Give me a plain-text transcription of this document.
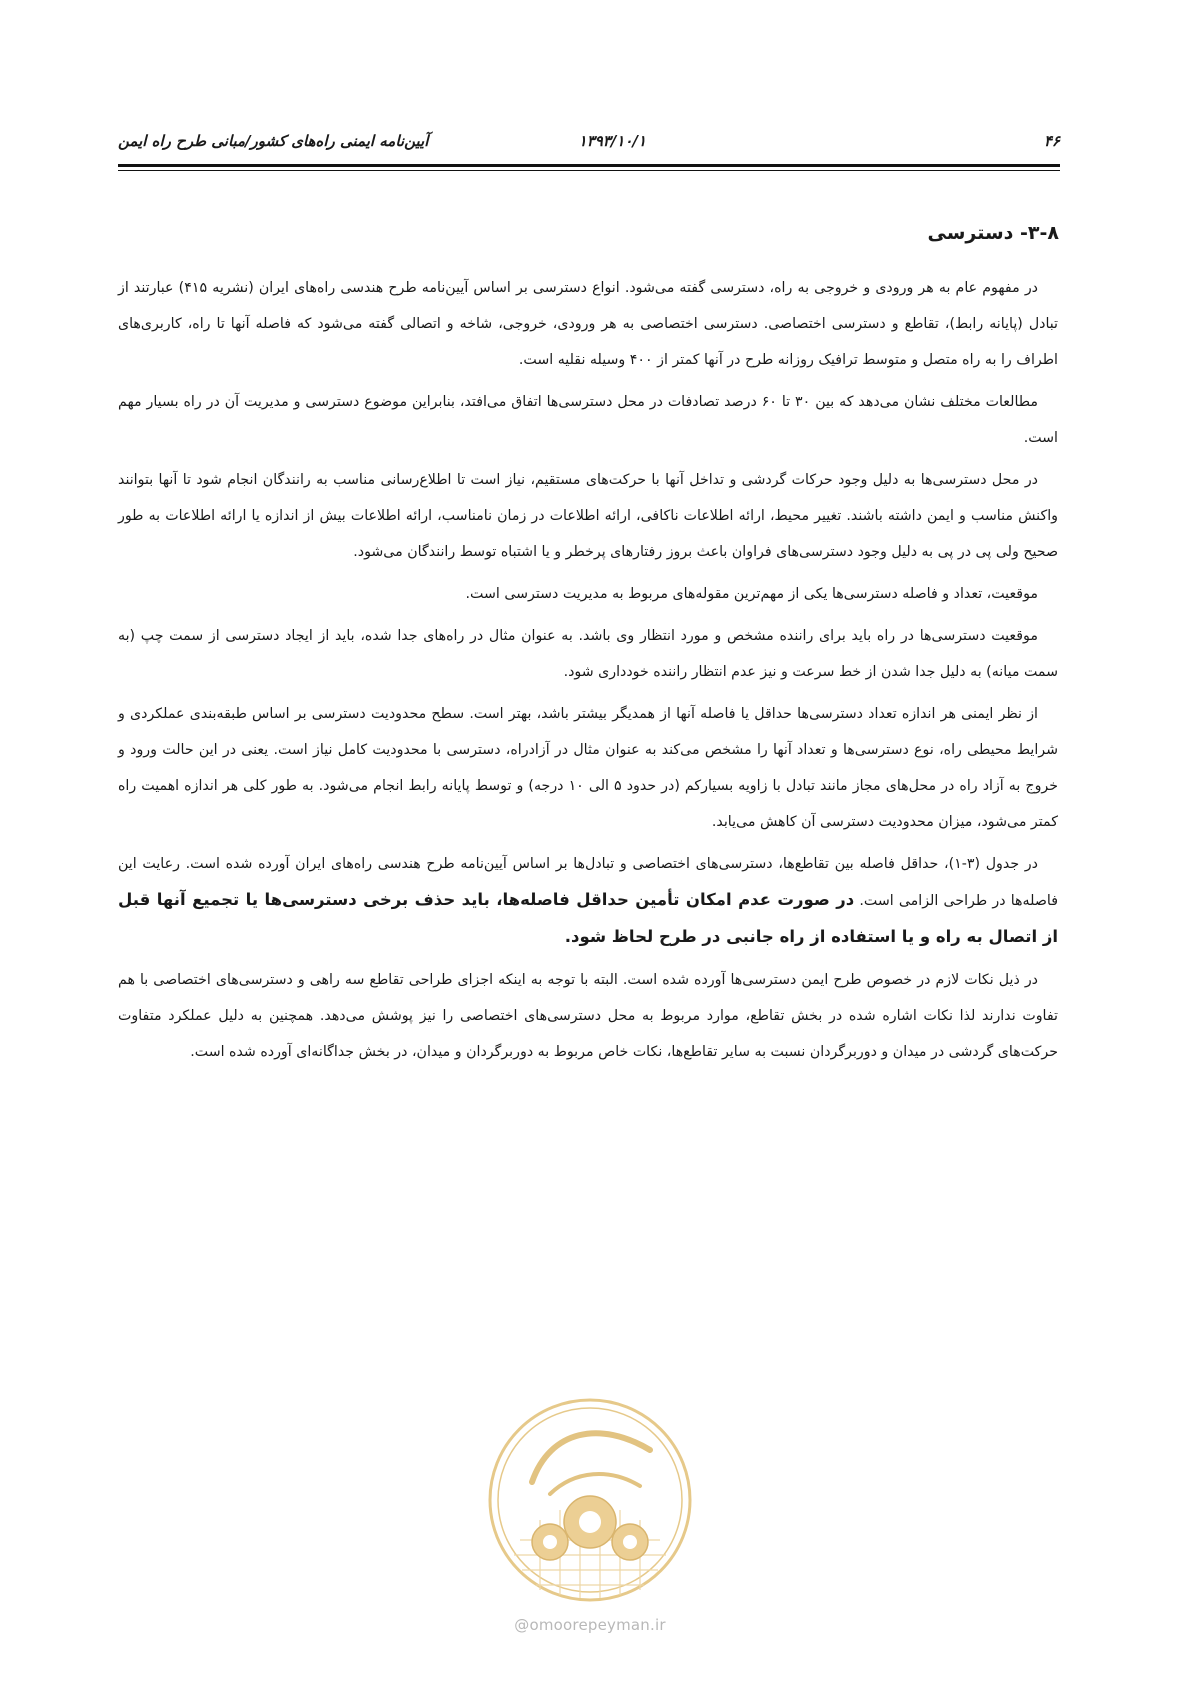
۴۶
۱۳۹۳/۱۰/۱
آیین‌نامه ایمنی راه‌های کشور/مبانی طرح راه ایمن
۳-۸- دسترسی

در مفهوم عام به هر ورودی و خروجی به راه، دسترسی گفته می‌شود. انواع دسترسی بر اساس آیین‌نامه طرح هندسی راه‌های ایران (نشریه ۴۱۵) عبارتند از تبادل (پایانه رابط)، تقاطع و دسترسی اختصاصی. دسترسی اختصاصی به هر ورودی، خروجی، شاخه و اتصالی گفته می‌شود که فاصله آنها تا راه، کاربری‌های اطراف را به راه متصل و متوسط ترافیک روزانه طرح در آنها کمتر از ۴۰۰ وسیله نقلیه است.

مطالعات مختلف نشان می‌دهد که بین ۳۰ تا ۶۰ درصد تصادفات در محل دسترسی‌ها اتفاق می‌افتد، بنابراین موضوع دسترسی و مدیریت آن در راه بسیار مهم است.

در محل دسترسی‌ها به دلیل وجود حرکات گردشی و تداخل آنها با حرکت‌های مستقیم، نیاز است تا اطلاع‌رسانی مناسب به رانندگان انجام شود تا آنها بتوانند واکنش مناسب و ایمن داشته باشند. تغییر محیط، ارائه اطلاعات ناکافی، ارائه اطلاعات در زمان نامناسب، ارائه اطلاعات بیش از اندازه یا ارائه اطلاعات به طور صحیح ولی پی در پی به دلیل وجود دسترسی‌های فراوان باعث بروز رفتارهای پرخطر و یا اشتباه توسط رانندگان می‌شود.

موقعیت، تعداد و فاصله دسترسی‌ها یکی از مهم‌ترین مقوله‌های مربوط به مدیریت دسترسی است.

موقعیت دسترسی‌ها در راه باید برای راننده مشخص و مورد انتظار وی باشد. به عنوان مثال در راه‌های جدا شده، باید از ایجاد دسترسی از سمت چپ (به سمت میانه) به دلیل جدا شدن از خط سرعت و نیز عدم انتظار راننده خودداری شود.

از نظر ایمنی هر اندازه تعداد دسترسی‌ها حداقل یا فاصله آنها از همدیگر بیشتر باشد، بهتر است. سطح محدودیت دسترسی بر اساس طبقه‌بندی عملکردی و شرایط محیطی راه، نوع دسترسی‌ها و تعداد آنها را مشخص می‌کند به عنوان مثال در آزادراه، دسترسی با محدودیت کامل نیاز است. یعنی در این حالت ورود و خروج به آزاد راه در محل‌های مجاز مانند تبادل با زاویه بسیارکم (در حدود ۵ الی ۱۰ درجه) و توسط پایانه رابط انجام می‌شود. به طور کلی هر اندازه اهمیت راه کمتر می‌شود، میزان محدودیت دسترسی آن کاهش می‌یابد.

در جدول (۳-۱)، حداقل فاصله بین تقاطع‌ها، دسترسی‌های اختصاصی و تبادل‌ها بر اساس آیین‌نامه طرح هندسی راه‌های ایران آورده شده است. رعایت این فاصله‌ها در طراحی الزامی است. در صورت عدم امکان تأمین حداقل فاصله‌ها، باید حذف برخی دسترسی‌ها یا تجمیع آنها قبل از اتصال به راه و یا استفاده از راه جانبی در طرح لحاظ شود.

در ذیل نکات لازم در خصوص طرح ایمن دسترسی‌ها آورده شده است. البته با توجه به اینکه اجزای طراحی تقاطع سه راهی و دسترسی‌های اختصاصی با هم تفاوت ندارند لذا نکات اشاره شده در بخش تقاطع، موارد مربوط به محل دسترسی‌های اختصاصی را نیز پوشش می‌دهد. همچنین به دلیل عملکرد متفاوت حرکت‌های گردشی در میدان و دوربرگردان نسبت به سایر تقاطع‌ها، نکات خاص مربوط به دوربرگردان و میدان، در بخش جداگانه‌ای آورده شده است.

@omoorepeyman.ir
